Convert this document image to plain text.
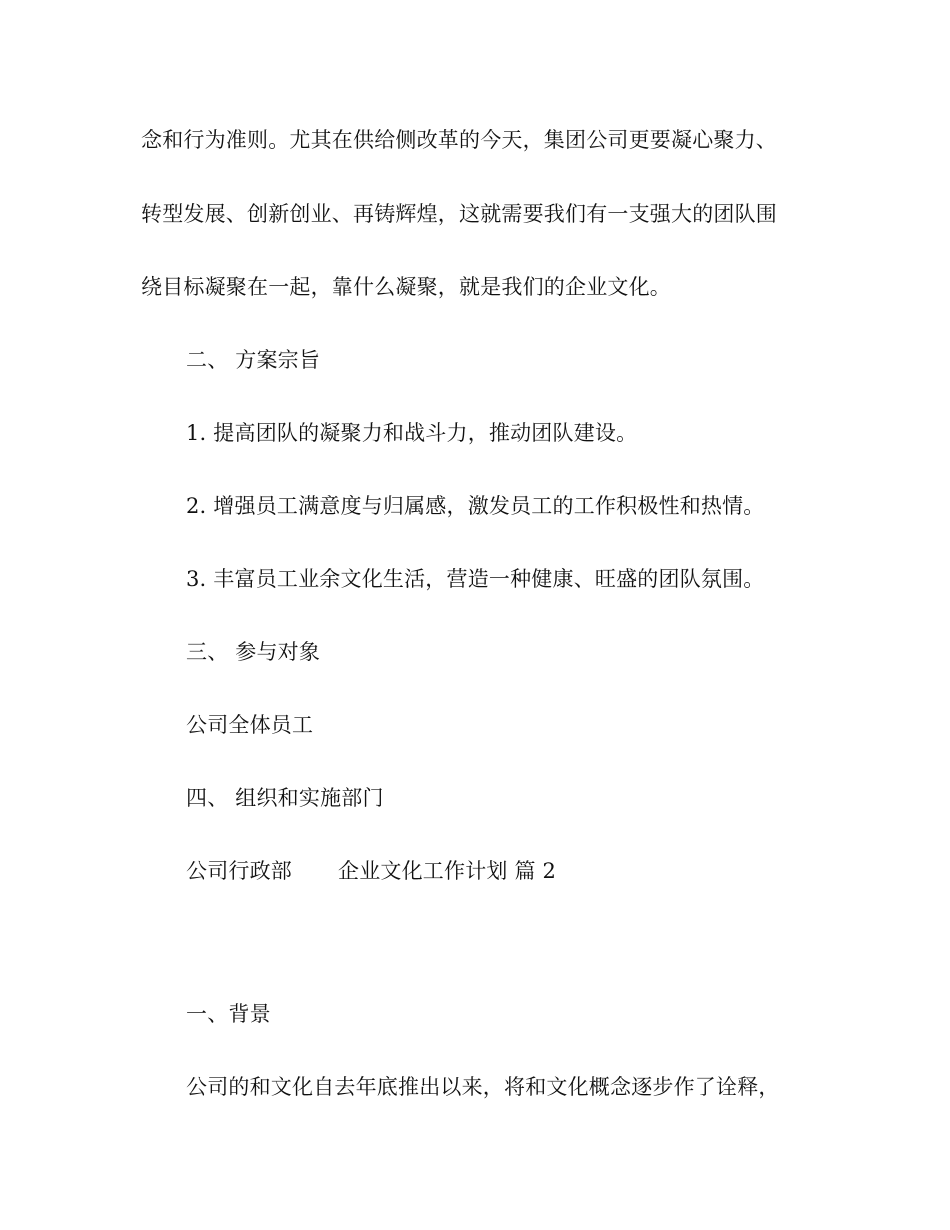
念和行为准则。尤其在供给侧改革的今天，集团公司更要凝心聚力、
转型发展、创新创业、再铸辉煌，这就需要我们有一支强大的团队围
绕目标凝聚在一起，靠什么凝聚，就是我们的企业文化。
二、 方案宗旨
1. 提高团队的凝聚力和战斗力，推动团队建设。
2. 增强员工满意度与归属感，激发员工的工作积极性和热情。
3. 丰富员工业余文化生活，营造一种健康、旺盛的团队氛围。
三、 参与对象
公司全体员工
四、 组织和实施部门
公司行政部 企业文化工作计划 篇 2
一、背景
公司的和文化自去年底推出以来，将和文化概念逐步作了诠释，
